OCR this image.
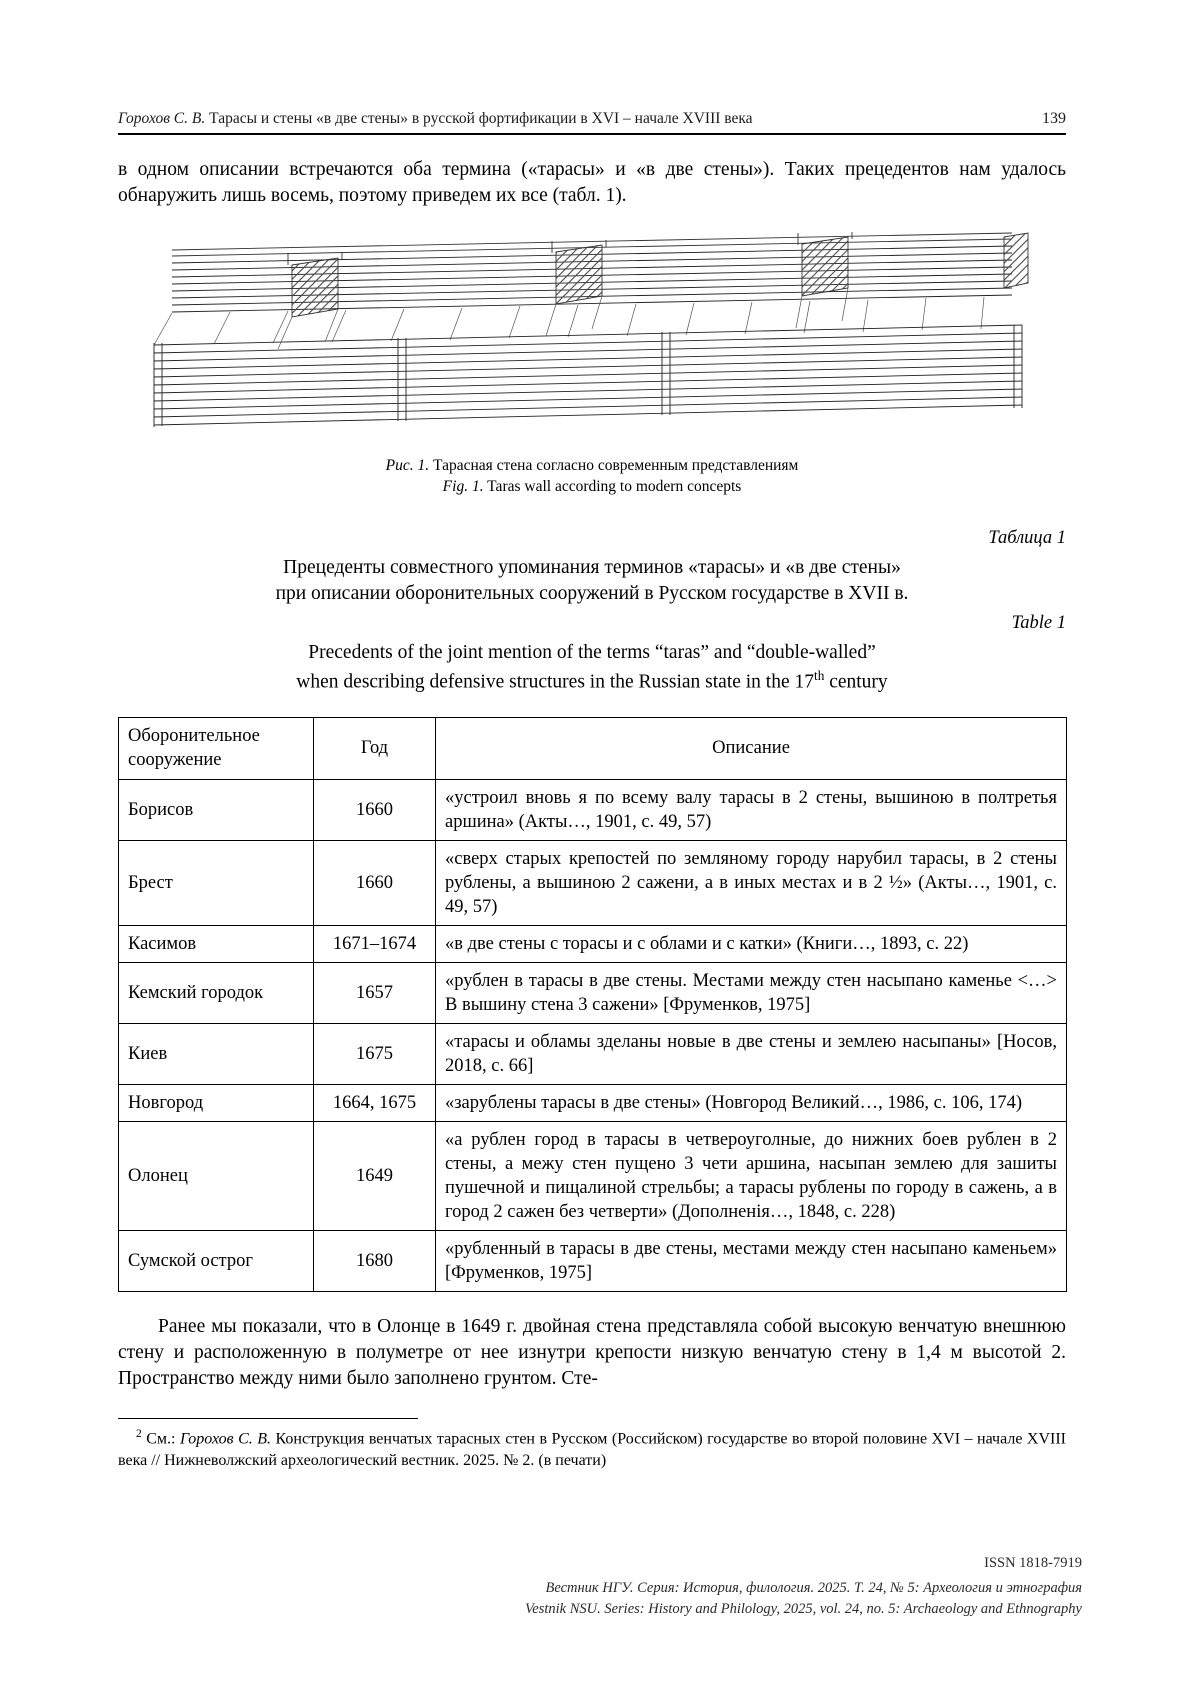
Горохов С. В. Тарасы и стены «в две стены» в русской фортификации в XVI – начале XVIII века	139

в одном описании встречаются оба термина («тарасы» и «в две стены»). Таких прецедентов нам удалось обнаружить лишь восемь, поэтому приведем их все (табл. 1).

Рис. 1. Тарасная стена согласно современным представлениям
Fig. 1. Taras wall according to modern concepts
Таблица 1
Прецеденты совместного упоминания терминов «тарасы» и «в две стены»
при описании оборонительных сооружений в Русском государстве в XVII в.
Table 1
Precedents of the joint mention of the terms “taras” and “double-walled”
when describing defensive structures in the Russian state in the 17th century
Оборонительное сооружение	Год	Описание
Борисов	1660	«устроил вновь я по всему валу тарасы в 2 стены, вышиною в полтретья аршина» (Акты…, 1901, с. 49, 57)
Брест	1660	«сверх старых крепостей по земляному городу нарубил тарасы, в 2 стены рублены, а вышиною 2 сажени, а в иных местах и в 2 ½» (Акты…, 1901, с. 49, 57)
Касимов	1671–1674	«в две стены с торасы и с облами и с катки» (Книги…, 1893, с. 22)
Кемский городок	1657	«рублен в тарасы в две стены. Местами между стен насыпано каменье <…> В вышину стена 3 сажени» [Фруменков, 1975]
Киев	1675	«тарасы и обламы зделаны новые в две стены и землею насыпаны» [Носов, 2018, с. 66]
Новгород	1664, 1675	«зарублены тарасы в две стены» (Новгород Великий…, 1986, с. 106, 174)
Олонец	1649	«а рублен город в тарасы в четвероуголные, до нижних боев рублен в 2 стены, а межу стен пущено 3 чети аршина, насыпан землею для зашиты пушечной и пищалиной стрельбы; а тарасы рублены по городу в сажень, а в город 2 сажен без четверти» (Дополненія…, 1848, с. 228)
Сумской острог	1680	«рубленный в тарасы в две стены, местами между стен насыпано каменьем» [Фруменков, 1975]

Ранее мы показали, что в Олонце в 1649 г. двойная стена представляла собой высокую венчатую внешнюю стену и расположенную в полуметре от нее изнутри крепости низкую венчатую стену в 1,4 м высотой 2. Пространство между ними было заполнено грунтом. Сте-

$^2$ См.: Горохов С. В. Конструкция венчатых тарасных стен в Русском (Российском) государстве во второй половине XVI – начале XVIII века // Нижневолжский археологический вестник. 2025. № 2. (в печати)
ISSN 1818-7919
Вестник НГУ. Серия: История, филология. 2025. Т. 24, № 5: Археология и этнография
Vestnik NSU. Series: History and Philology, 2025, vol. 24, no. 5: Archaeology and Ethnography
